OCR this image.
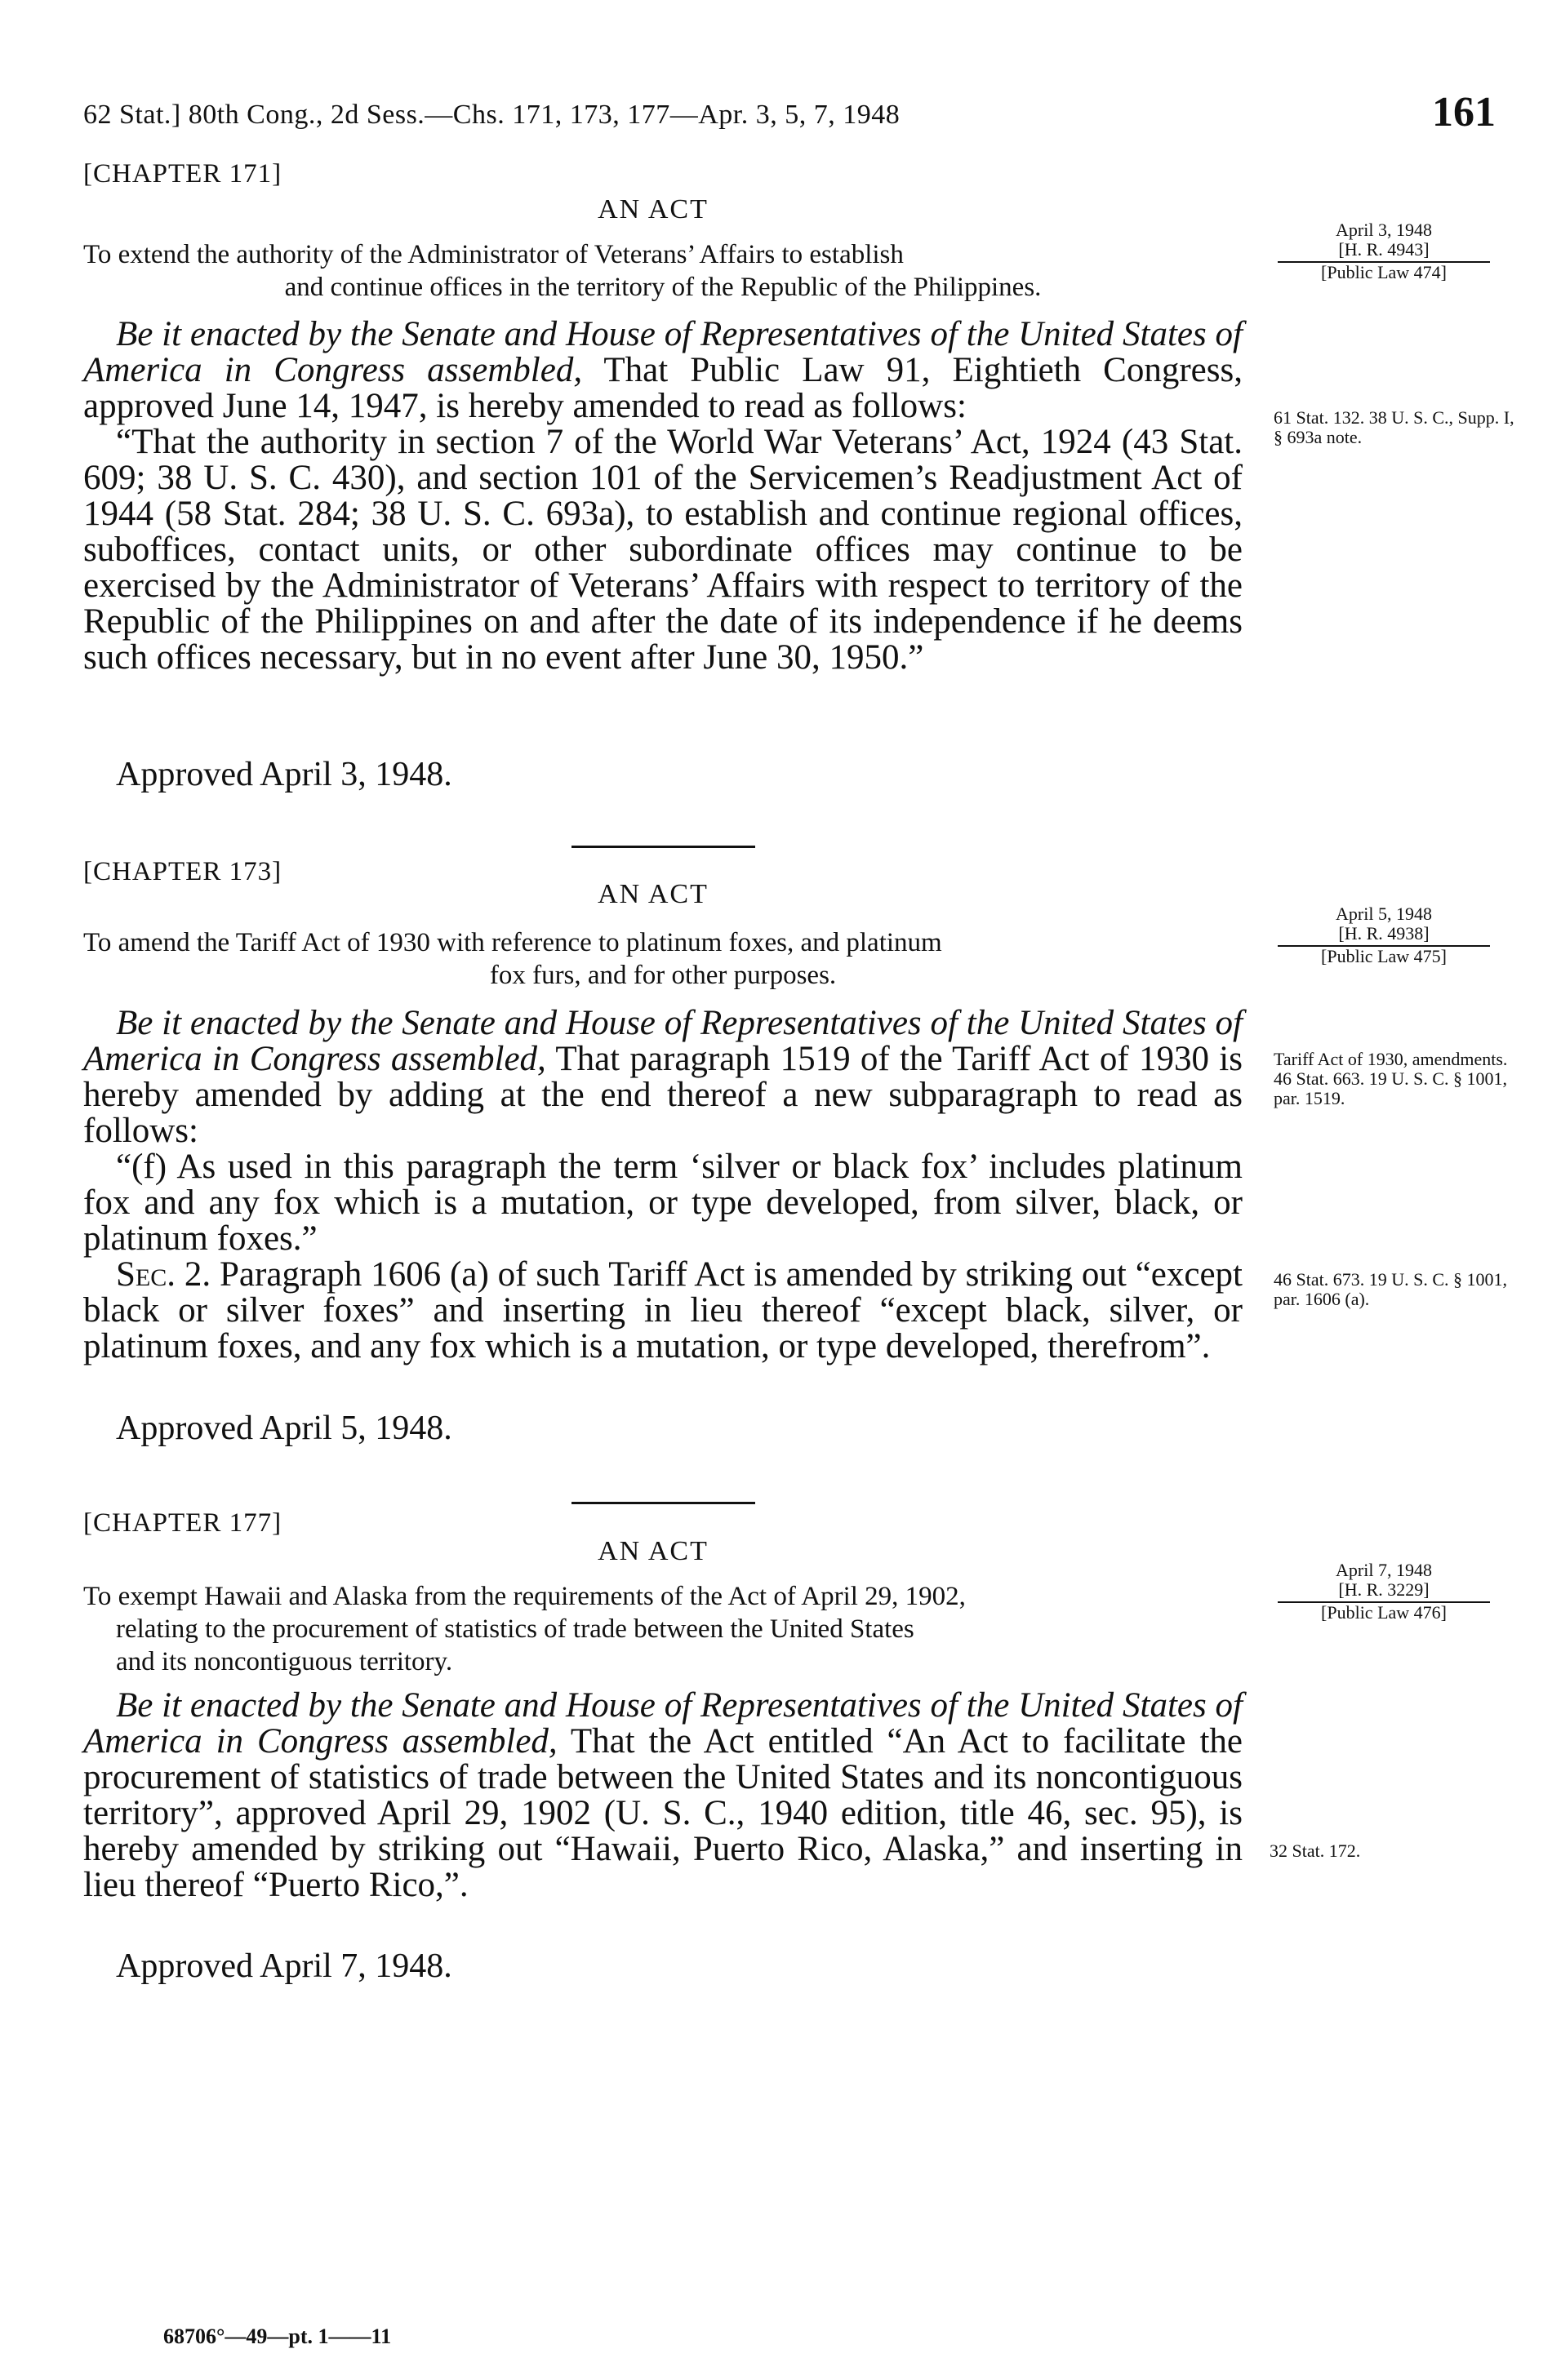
62 Stat.] 80th Cong., 2d Sess.—Chs. 171, 173, 177—Apr. 3, 5, 7, 1948	161
[CHAPTER 171]
AN ACT
To extend the authority of the Administrator of Veterans’ Affairs to establish

and continue offices in the territory of the Republic of the Philippines.
April 3, 1948
[H. R. 4943]
[Public Law 474]

Be it enacted by the Senate and House of Representatives of the United States of America in Congress assembled, That Public Law 91, Eightieth Congress, approved June 14, 1947, is hereby amended to read as follows:

“That the authority in section 7 of the World War Veterans’ Act, 1924 (43 Stat. 609; 38 U. S. C. 430), and section 101 of the Servicemen’s Readjustment Act of 1944 (58 Stat. 284; 38 U. S. C. 693a), to establish and continue regional offices, suboffices, contact units, or other subordinate offices may continue to be exercised by the Administrator of Veterans’ Affairs with respect to territory of the Republic of the Philippines on and after the date of its independence if he deems such offices necessary, but in no event after June 30, 1950.”

61 Stat. 132. 38 U. S. C., Supp. I, § 693a note.
Approved April 3, 1948.
[CHAPTER 173]
AN ACT
To amend the Tariff Act of 1930 with reference to platinum foxes, and platinum

fox furs, and for other purposes.
April 5, 1948
[H. R. 4938]
[Public Law 475]

Be it enacted by the Senate and House of Representatives of the United States of America in Congress assembled, That paragraph 1519 of the Tariff Act of 1930 is hereby amended by adding at the end thereof a new subparagraph to read as follows:

“(f) As used in this paragraph the term ‘silver or black fox’ includes platinum fox and any fox which is a mutation, or type developed, from silver, black, or platinum foxes.”

Sec. 2. Paragraph 1606 (a) of such Tariff Act is amended by striking out “except black or silver foxes” and inserting in lieu thereof “except black, silver, or platinum foxes, and any fox which is a mutation, or type developed, therefrom”.

Tariff Act of 1930, amendments. 46 Stat. 663. 19 U. S. C. § 1001, par. 1519.
46 Stat. 673. 19 U. S. C. § 1001, par. 1606 (a).
Approved April 5, 1948.
[CHAPTER 177]
AN ACT
To exempt Hawaii and Alaska from the requirements of the Act of April 29, 1902,

relating to the procurement of statistics of trade between the United States
and its noncontiguous territory.
April 7, 1948
[H. R. 3229]
[Public Law 476]

Be it enacted by the Senate and House of Representatives of the United States of America in Congress assembled, That the Act entitled “An Act to facilitate the procurement of statistics of trade between the United States and its noncontiguous territory”, approved April 29, 1902 (U. S. C., 1940 edition, title 46, sec. 95), is hereby amended by striking out “Hawaii, Puerto Rico, Alaska,” and inserting in lieu thereof “Puerto Rico,”.

32 Stat. 172.
Approved April 7, 1948.
68706°—49—pt. 1——11
